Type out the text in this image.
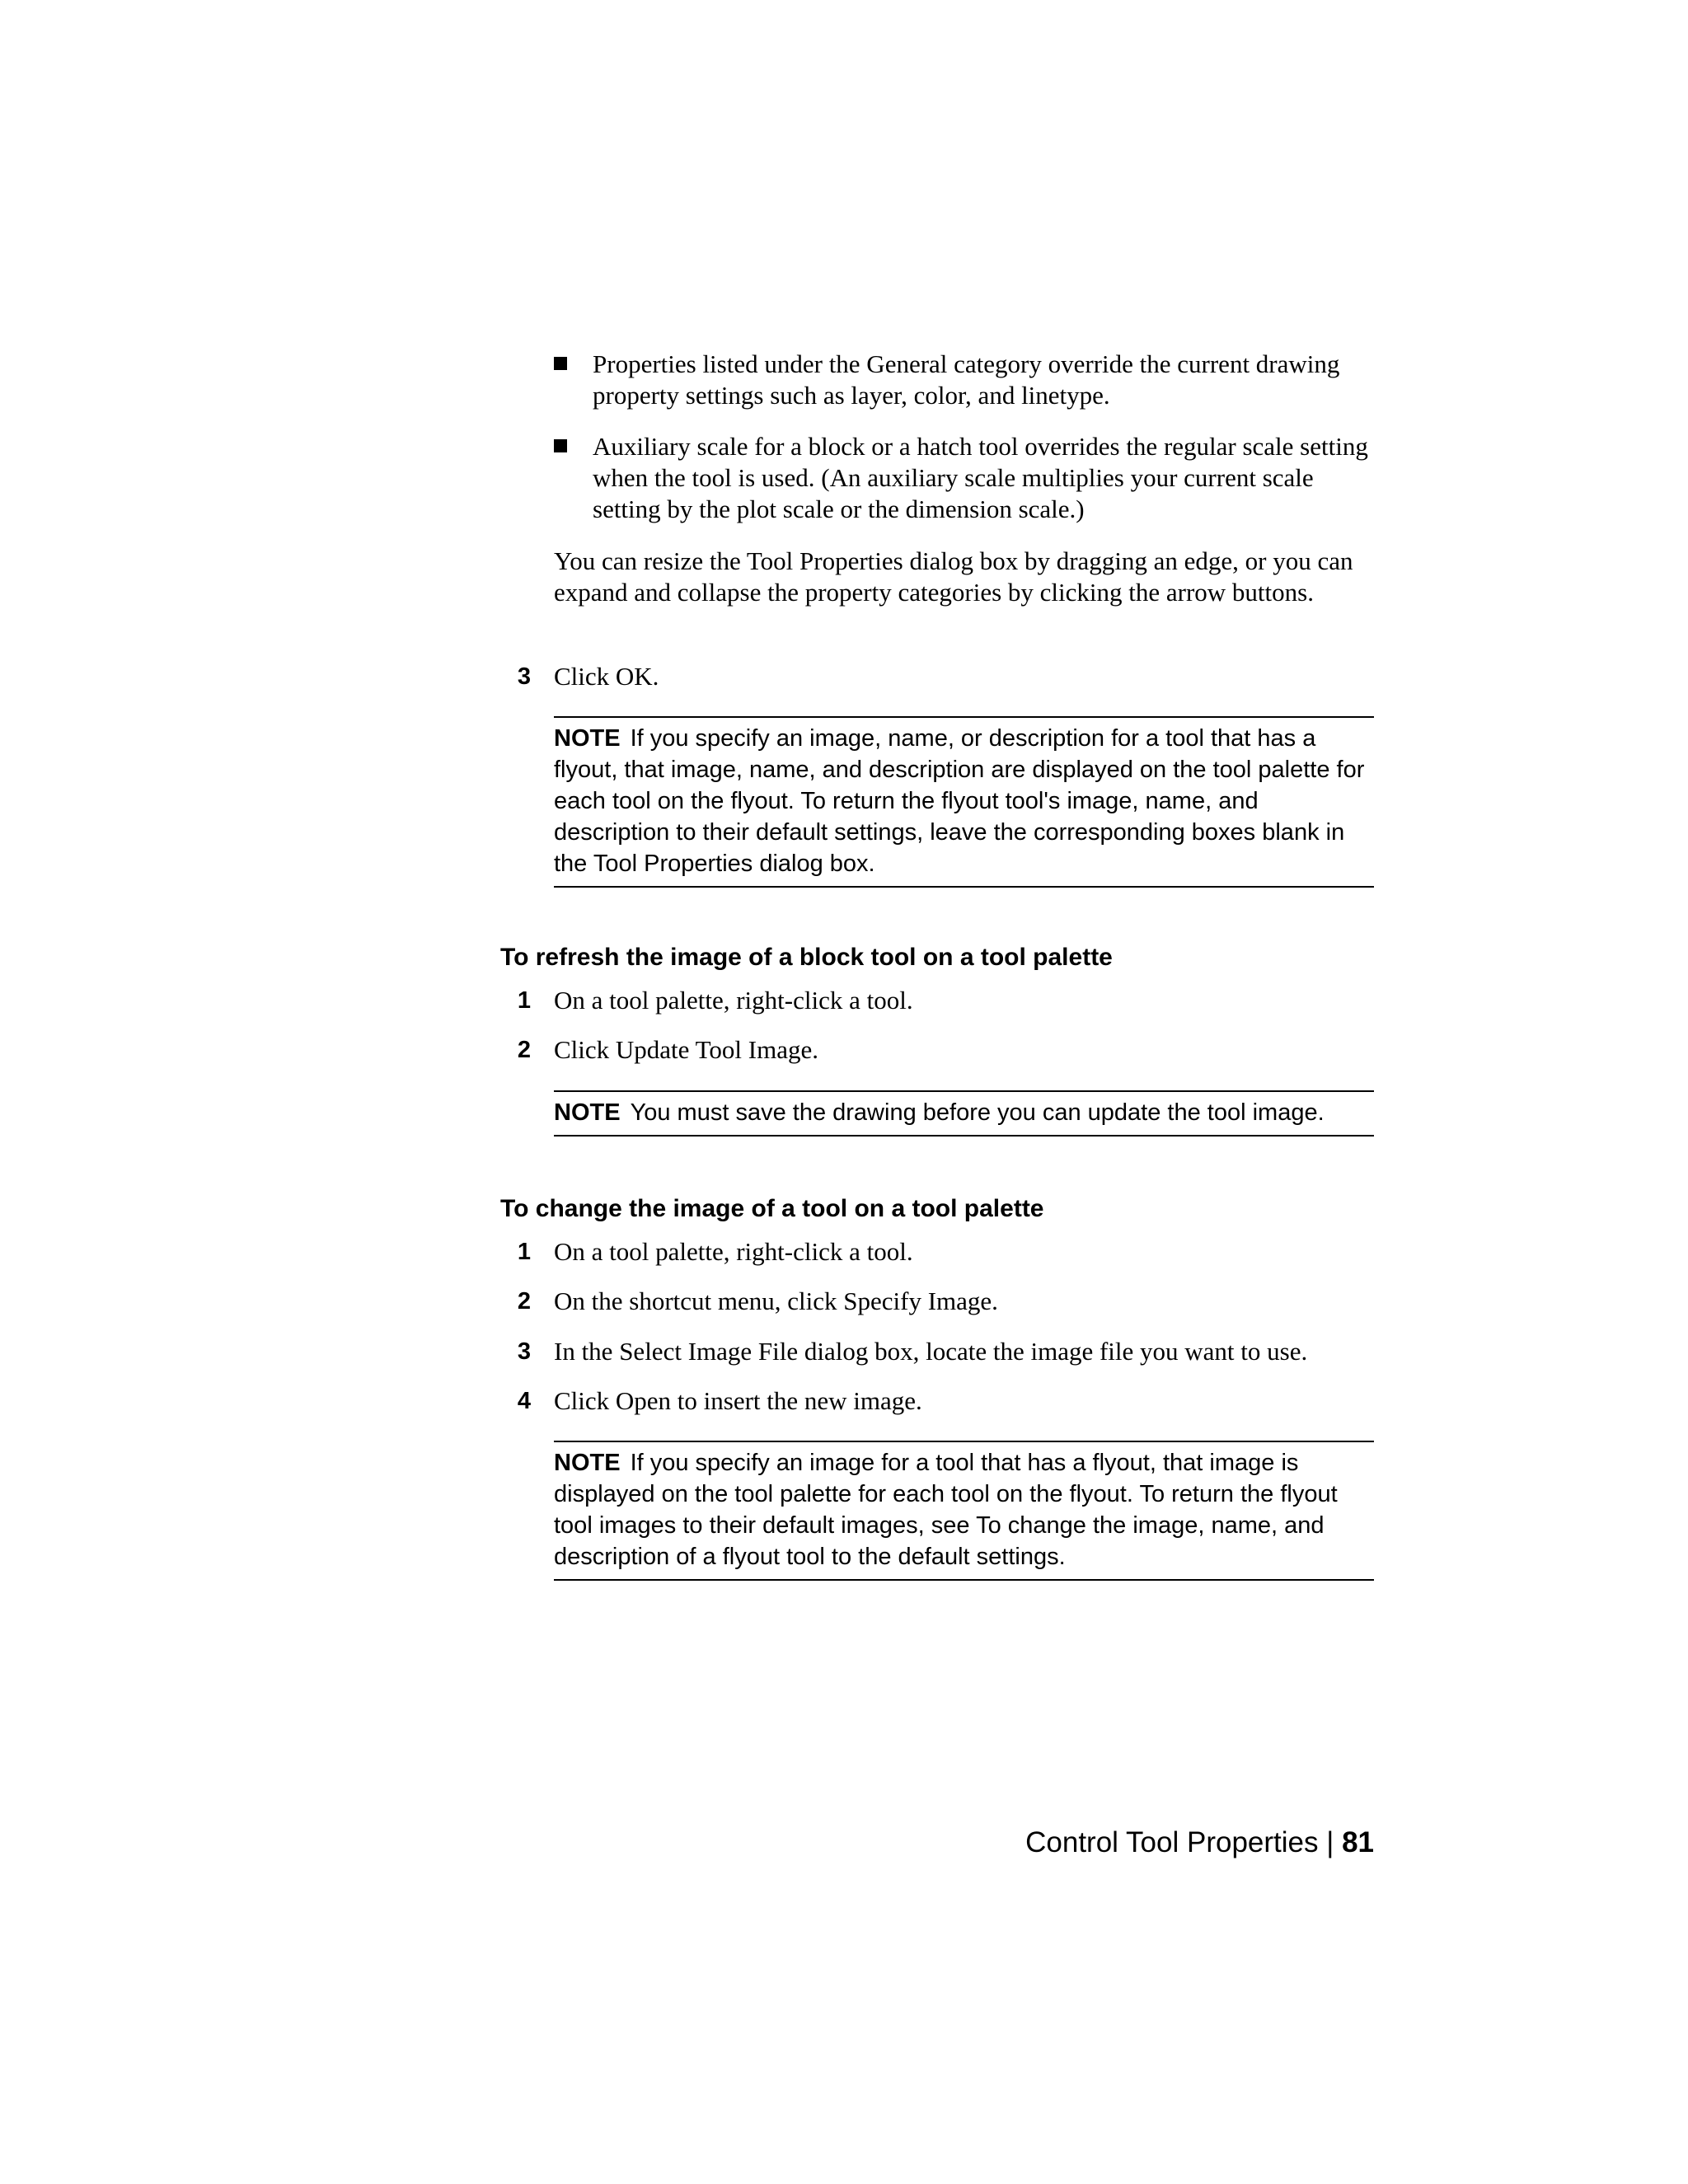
Properties listed under the General category override the current drawing property settings such as layer, color, and linetype.
Auxiliary scale for a block or a hatch tool overrides the regular scale setting when the tool is used. (An auxiliary scale multiplies your current scale setting by the plot scale or the dimension scale.)
You can resize the Tool Properties dialog box by dragging an edge, or you can expand and collapse the property categories by clicking the arrow buttons.
3 Click OK.
NOTE If you specify an image, name, or description for a tool that has a flyout, that image, name, and description are displayed on the tool palette for each tool on the flyout. To return the flyout tool's image, name, and description to their default settings, leave the corresponding boxes blank in the Tool Properties dialog box.
To refresh the image of a block tool on a tool palette
1 On a tool palette, right-click a tool.
2 Click Update Tool Image.
NOTE You must save the drawing before you can update the tool image.
To change the image of a tool on a tool palette
1 On a tool palette, right-click a tool.
2 On the shortcut menu, click Specify Image.
3 In the Select Image File dialog box, locate the image file you want to use.
4 Click Open to insert the new image.
NOTE If you specify an image for a tool that has a flyout, that image is displayed on the tool palette for each tool on the flyout. To return the flyout tool images to their default images, see To change the image, name, and description of a flyout tool to the default settings.
Control Tool Properties | 81
